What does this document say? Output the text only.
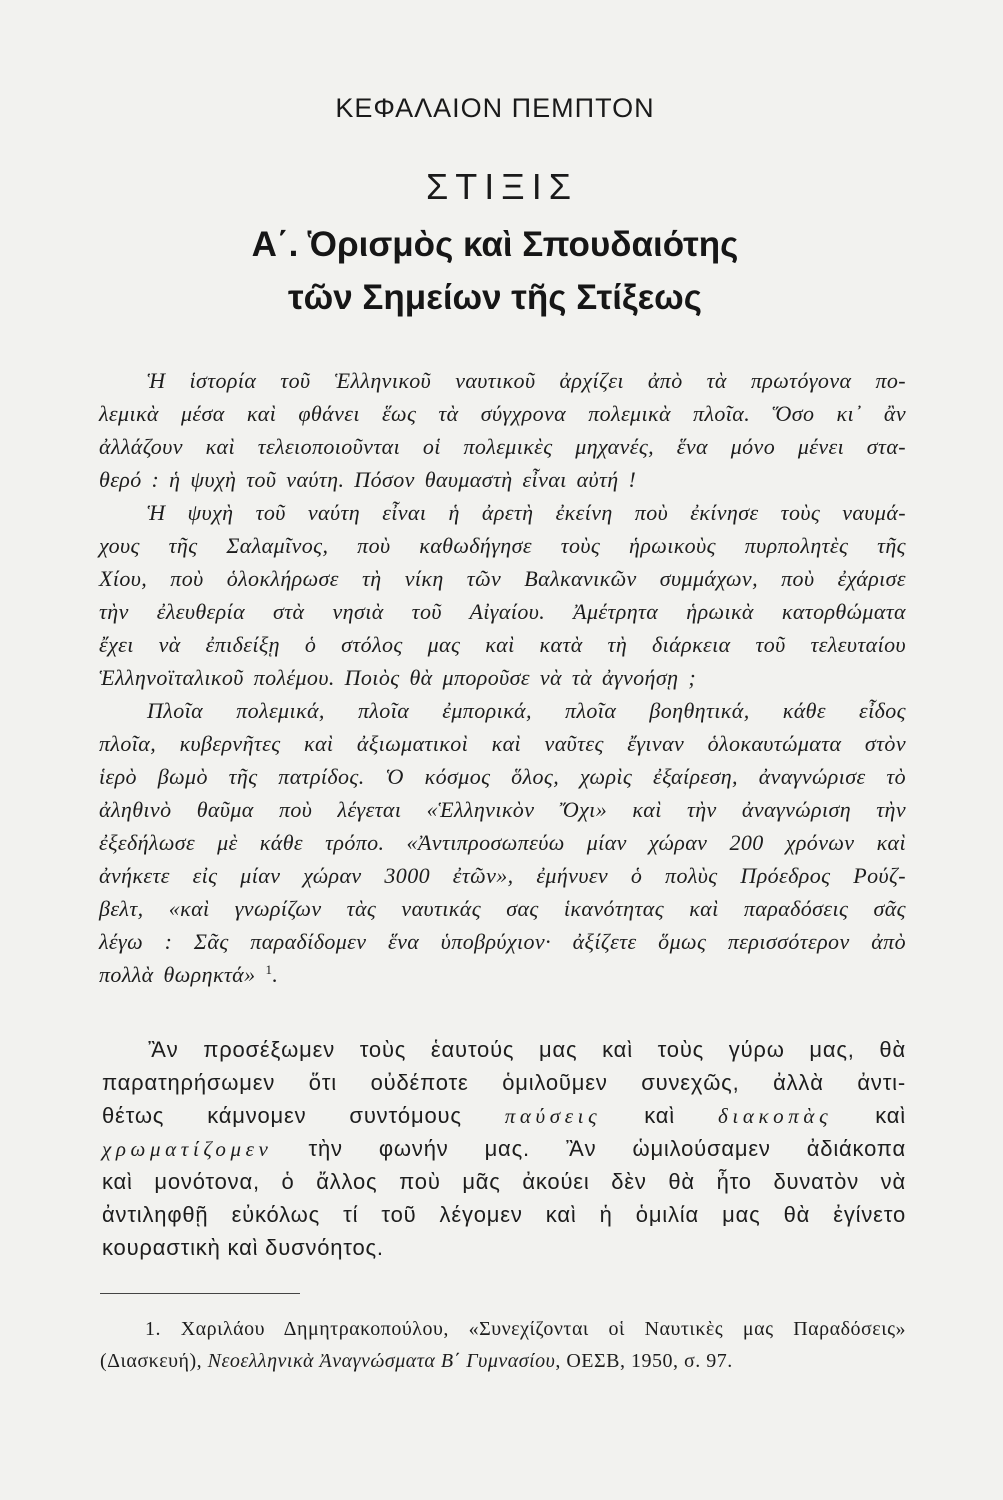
ΚΕΦΑΛΑΙΟΝ ΠΕΜΠΤΟΝ
ΣΤΙΞΙΣ
Α΄. Ὁρισμὸς καὶ Σπουδαιότης
τῶν Σημείων τῆς Στίξεως
Ἡ ἱστορία τοῦ Ἑλληνικοῦ ναυτικοῦ ἀρχίζει ἀπὸ τὰ πρωτόγονα πο-
λεμικὰ μέσα καὶ φθάνει ἕως τὰ σύγχρονα πολεμικὰ πλοῖα. Ὅσο κι᾽ ἂν
ἀλλάζουν καὶ τελειοποιοῦνται οἱ πολεμικὲς μηχανές, ἕνα μόνο μένει στα-
θερό : ἡ ψυχὴ τοῦ ναύτη. Πόσον θαυμαστὴ εἶναι αὐτή !
Ἡ ψυχὴ τοῦ ναύτη εἶναι ἡ ἀρετὴ ἐκείνη ποὺ ἐκίνησε τοὺς ναυμά-
χους τῆς Σαλαμῖνος, ποὺ καθωδήγησε τοὺς ἡρωικοὺς πυρπολητὲς τῆς
Χίου, ποὺ ὁλοκλήρωσε τὴ νίκη τῶν Βαλκανικῶν συμμάχων, ποὺ ἐχάρισε
τὴν ἐλευθερία στὰ νησιὰ τοῦ Αἰγαίου. Ἀμέτρητα ἡρωικὰ κατορθώματα
ἔχει νὰ ἐπιδείξῃ ὁ στόλος μας καὶ κατὰ τὴ διάρκεια τοῦ τελευταίου
Ἑλληνοϊταλικοῦ πολέμου. Ποιὸς θὰ μποροῦσε νὰ τὰ ἀγνοήσῃ ;
Πλοῖα πολεμικά, πλοῖα ἐμπορικά, πλοῖα βοηθητικά, κάθε εἶδος
πλοῖα, κυβερνῆτες καὶ ἀξιωματικοὶ καὶ ναῦτες ἔγιναν ὁλοκαυτώματα στὸν
ἱερὸ βωμὸ τῆς πατρίδος. Ὁ κόσμος ὅλος, χωρὶς ἐξαίρεση, ἀναγνώρισε τὸ
ἀληθινὸ θαῦμα ποὺ λέγεται «Ἑλληνικὸν Ὄχι» καὶ τὴν ἀναγνώριση τὴν
ἐξεδήλωσε μὲ κάθε τρόπο. «Ἀντιπροσωπεύω μίαν χώραν 200 χρόνων καὶ
ἀνήκετε εἰς μίαν χώραν 3000 ἐτῶν», ἐμήνυεν ὁ πολὺς Πρόεδρος Ρούζ-
βελτ, «καὶ γνωρίζων τὰς ναυτικάς σας ἱκανότητας καὶ παραδόσεις σᾶς
λέγω : Σᾶς παραδίδομεν ἕνα ὑποβρύχιον· ἀξίζετε ὅμως περισσότερον ἀπὸ
πολλὰ θωρηκτά» $^1$.
Ἂν προσέξωμεν τοὺς ἑαυτούς μας καὶ τοὺς γύρω μας, θὰ
παρατηρήσωμεν ὅτι οὐδέποτε ὁμιλοῦμεν συνεχῶς, ἀλλὰ ἀντι-
θέτως κάμνομεν συντόμους παύσεις καὶ διακοπὰς καὶ
χρωματίζομεν τὴν φωνήν μας. Ἂν ὡμιλούσαμεν ἀδιάκοπα
καὶ μονότονα, ὁ ἄλλος ποὺ μᾶς ἀκούει δὲν θὰ ἦτο δυνατὸν νὰ
ἀντιληφθῇ εὐκόλως τί τοῦ λέγομεν καὶ ἡ ὁμιλία μας θὰ ἐγίνετο
κουραστικὴ καὶ δυσνόητος.
1. Χαριλάου Δημητρακοπούλου, «Συνεχίζονται οἱ Ναυτικὲς μας Παραδόσεις»
(Διασκευή), Νεοελληνικὰ Ἀναγνώσματα Β΄ Γυμνασίου, ΟΕΣΒ, 1950, σ. 97.
